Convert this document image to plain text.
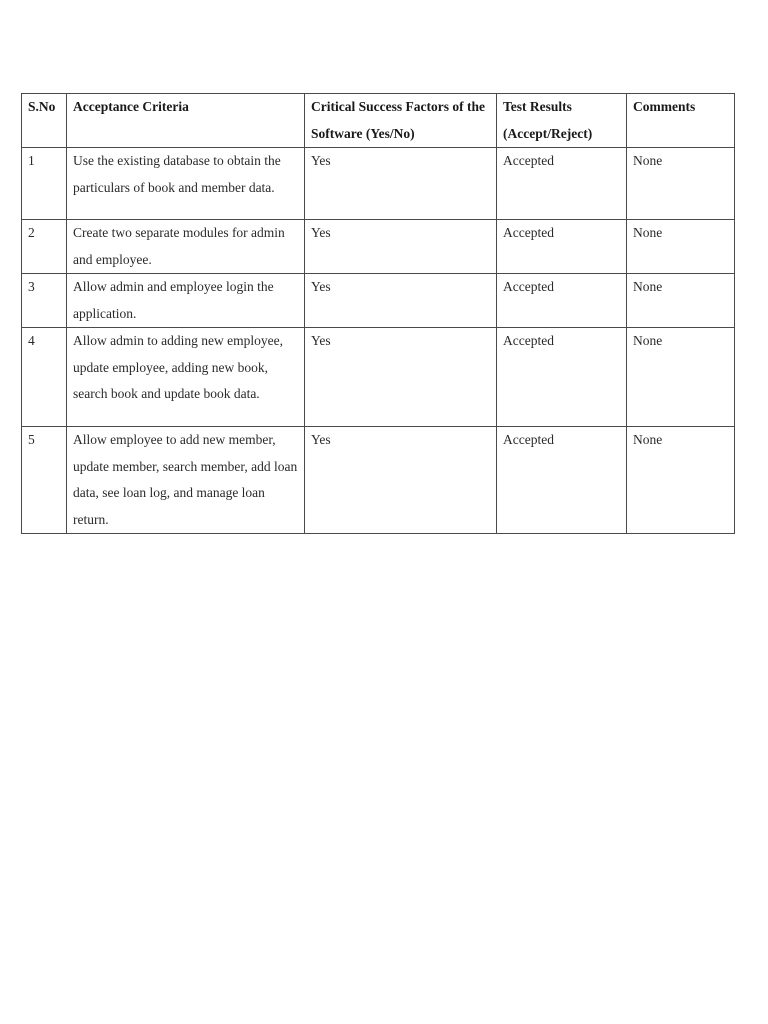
S.No	Acceptance Criteria	Critical Success Factors of the Software (Yes/No)	Test Results (Accept/Reject)	Comments
1	Use the existing database to obtain the particulars of book and member data.	Yes	Accepted	None
2	Create two separate modules for admin and employee.	Yes	Accepted	None
3	Allow admin and employee login the application.	Yes	Accepted	None
4	Allow admin to adding new employee, update employee, adding new book, search book and update book data.	Yes	Accepted	None
5	Allow employee to add new member, update member, search member, add loan data, see loan log, and manage loan return.	Yes	Accepted	None
